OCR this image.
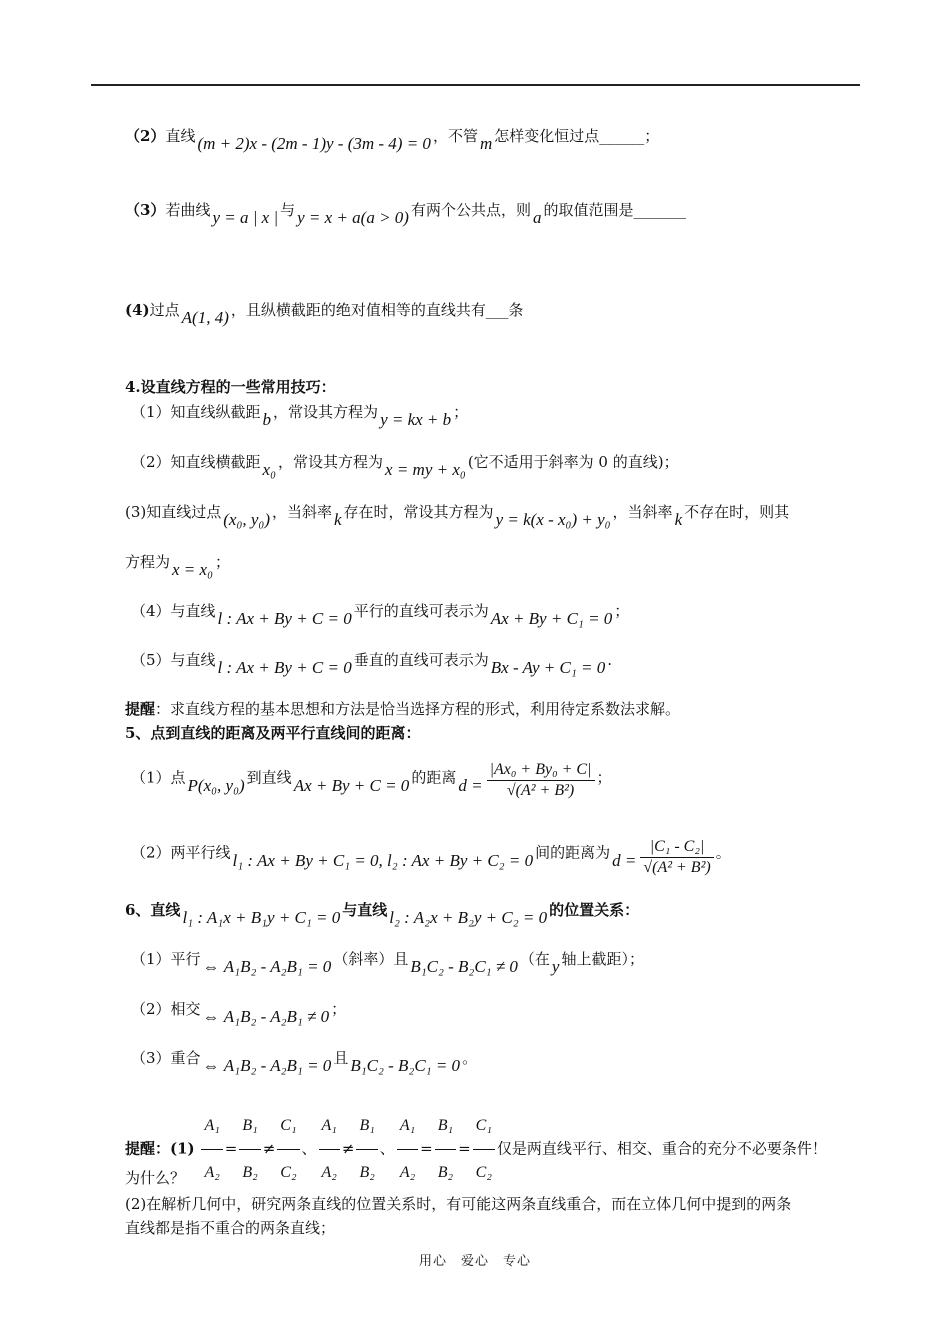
（2）直线 (m + 2)x - (2m - 1)y - (3m - 4) = 0 ，不管 m 怎样变化恒过点______；
（3）若曲线 y = a | x | 与 y = x + a(a > 0) 有两个公共点，则 a 的取值范围是_______
(4)过点 A(1, 4) ，且纵横截距的绝对值相等的直线共有___条
4.设直线方程的一些常用技巧：
（1）知直线纵截距 b ，常设其方程为 y = kx + b ；
（2）知直线横截距 x₀ ，常设其方程为 x = my + x₀ (它不适用于斜率为 0 的直线)；
(3)知直线过点 (x₀, y₀) ，当斜率 k 存在时，常设其方程为 y = k(x - x₀) + y₀ ，当斜率 k 不存在时，则其
方程为 x = x₀ ；
（4）与直线 l : Ax + By + C = 0 平行的直线可表示为 Ax + By + C₁ = 0 ；
（5）与直线 l : Ax + By + C = 0 垂直的直线可表示为 Bx - Ay + C₁ = 0 .
提醒：求直线方程的基本思想和方法是恰当选择方程的形式，利用待定系数法求解。
5、点到直线的距离及两平行直线间的距离：
（1）点 P(x₀, y₀) 到直线 Ax + By + C = 0 的距离 $d = \frac{\text{|Ax₀ + By₀ + C|}}{\text{√(A² + B²)}}$ ；
（2）两平行线 l₁ : Ax + By + C₁ = 0, l₂ : Ax + By + C₂ = 0 间的距离为 $d = \frac{\text{|C₁ - C₂|}}{\text{√(A² + B²)}}$ 。
6、直线 l₁ : A₁x + B₁y + C₁ = 0 与直线 l₂ : A₂x + B₂y + C₂ = 0 的位置关系：
（1）平行 ⇔ A₁B₂ - A₂B₁ = 0 （斜率）且 B₁C₂ - B₂C₁ ≠ 0 （在 y 轴上截距）；
（2）相交 ⇔ A₁B₂ - A₂B₁ ≠ 0 ；
（3）重合 ⇔ A₁B₂ - A₂B₁ = 0 且 B₁C₂ - B₂C₁ = 0 。
提醒：$(1) \frac{\text{A₁}}{\text{A₂}} = \frac{\text{B₁}}{\text{B₂}} \ne \frac{\text{C₁}}{\text{C₂}}$ 、 $\frac{\text{A₁}}{\text{A₂}} \ne \frac{\text{B₁}}{\text{B₂}}$ 、 $\frac{\text{A₁}}{\text{A₂}} = \frac{\text{B₁}}{\text{B₂}} = \frac{\text{C₁}}{\text{C₂}}$ 仅是两直线平行、相交、重合的充分不必要条件！
为什么？
(2)在解析几何中，研究两条直线的位置关系时，有可能这两条直线重合，而在立体几何中提到的两条
直线都是指不重合的两条直线；
用心　爱心　专心
